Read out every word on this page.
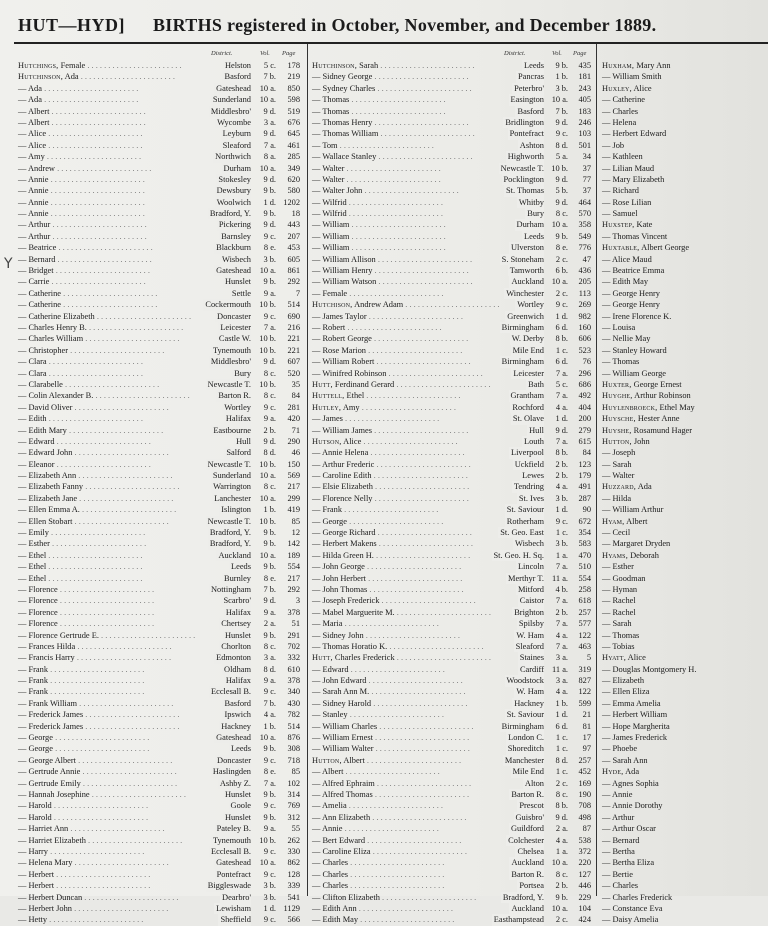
HUT—HYD] BIRTHS registered in October, November, and December 1889.
Y
District.	Vol. Page
Hutchings, Female . . . . . . . . . . . . . . . . . . . . . . .	Helston 5 c. 178
Hutchinson, Ada . . . . . . . . . . . . . . . . . . . . . . .	Basford 7 b. 219
— Ada . . . . . . . . . . . . . . . . . . . . . . .	Gateshead 10 a. 850
— Ada . . . . . . . . . . . . . . . . . . . . . . .	Sunderland 10 a. 598
— Albert . . . . . . . . . . . . . . . . . . . . . . .	Middlesbro' 9 d. 519
— Albert . . . . . . . . . . . . . . . . . . . . . . .	Wycombe 3 a. 676
— Alice . . . . . . . . . . . . . . . . . . . . . . .	Leyburn 9 d. 645
— Alice . . . . . . . . . . . . . . . . . . . . . . .	Sleaford 7 a. 461
— Amy . . . . . . . . . . . . . . . . . . . . . . .	Northwich 8 a. 285
— Andrew . . . . . . . . . . . . . . . . . . . . . . .	Durham 10 a. 349
— Annie . . . . . . . . . . . . . . . . . . . . . . .	Stokesley 9 d. 620
— Annie . . . . . . . . . . . . . . . . . . . . . . .	Dewsbury 9 b. 580
— Annie . . . . . . . . . . . . . . . . . . . . . . .	Woolwich 1 d. 1202
— Annie . . . . . . . . . . . . . . . . . . . . . . .	Bradford, Y. 9 b. 18
— Arthur . . . . . . . . . . . . . . . . . . . . . . .	Pickering 9 d. 443
— Arthur . . . . . . . . . . . . . . . . . . . . . . .	Barnsley 9 c. 207
— Beatrice . . . . . . . . . . . . . . . . . . . . . . .	Blackburn 8 e. 453
— Bernard . . . . . . . . . . . . . . . . . . . . . . .	Wisbech 3 b. 605
— Bridget . . . . . . . . . . . . . . . . . . . . . . .	Gateshead 10 a. 861
— Carrie . . . . . . . . . . . . . . . . . . . . . . .	Hunslet 9 b. 292
— Catherine . . . . . . . . . . . . . . . . . . . . . . .	Settle 9 a. 7
— Catherine . . . . . . . . . . . . . . . . . . . . . . .	Cockermouth 10 b. 514
— Catherine Elizabeth . . . . . . . . . . . . . . . . . . . . . . .	Doncaster 9 c. 690
— Charles Henry B. . . . . . . . . . . . . . . . . . . . . . . .	Leicester 7 a. 216
— Charles William . . . . . . . . . . . . . . . . . . . . . . .	Castle W. 10 b. 221
— Christopher . . . . . . . . . . . . . . . . . . . . . . .	Tynemouth 10 b. 221
— Clara . . . . . . . . . . . . . . . . . . . . . . .	Middlesbro' 9 d. 607
— Clara . . . . . . . . . . . . . . . . . . . . . . .	Bury 8 c. 520
— Clarabelle . . . . . . . . . . . . . . . . . . . . . . .	Newcastle T. 10 b. 35
— Colin Alexander B. . . . . . . . . . . . . . . . . . . . . . . .	Barton R. 8 c. 84
— David Oliver . . . . . . . . . . . . . . . . . . . . . . .	Wortley 9 c. 281
— Edith . . . . . . . . . . . . . . . . . . . . . . .	Halifax 9 a. 420
— Edith Mary . . . . . . . . . . . . . . . . . . . . . . .	Eastbourne 2 b. 71
— Edward . . . . . . . . . . . . . . . . . . . . . . .	Hull 9 d. 290
— Edward John . . . . . . . . . . . . . . . . . . . . . . .	Salford 8 d. 46
— Eleanor . . . . . . . . . . . . . . . . . . . . . . .	Newcastle T. 10 b. 150
— Elizabeth Ann . . . . . . . . . . . . . . . . . . . . . . .	Sunderland 10 a. 569
— Elizabeth Fanny . . . . . . . . . . . . . . . . . . . . . . .	Warrington 8 c. 217
— Elizabeth Jane . . . . . . . . . . . . . . . . . . . . . . .	Lanchester 10 a. 299
— Ellen Emma A. . . . . . . . . . . . . . . . . . . . . . . .	Islington 1 b. 419
— Ellen Stobart . . . . . . . . . . . . . . . . . . . . . . .	Newcastle T. 10 b. 85
— Emily . . . . . . . . . . . . . . . . . . . . . . .	Bradford, Y. 9 b. 12
— Esther . . . . . . . . . . . . . . . . . . . . . . .	Bradford, Y. 9 b. 142
— Ethel . . . . . . . . . . . . . . . . . . . . . . .	Auckland 10 a. 189
— Ethel . . . . . . . . . . . . . . . . . . . . . . .	Leeds 9 b. 554
— Ethel . . . . . . . . . . . . . . . . . . . . . . .	Burnley 8 e. 217
— Florence . . . . . . . . . . . . . . . . . . . . . . .	Nottingham 7 b. 292
— Florence . . . . . . . . . . . . . . . . . . . . . . .	Scarbro' 9 d. 3
— Florence . . . . . . . . . . . . . . . . . . . . . . .	Halifax 9 a. 378
— Florence . . . . . . . . . . . . . . . . . . . . . . .	Chertsey 2 a. 51
— Florence Gertrude E. . . . . . . . . . . . . . . . . . . . . . . .	Hunslet 9 b. 291
— Frances Hilda . . . . . . . . . . . . . . . . . . . . . . .	Chorlton 8 c. 702
— Francis Harry . . . . . . . . . . . . . . . . . . . . . . .	Edmonton 3 a. 332
— Frank . . . . . . . . . . . . . . . . . . . . . . .	Oldham 8 d. 610
— Frank . . . . . . . . . . . . . . . . . . . . . . .	Halifax 9 a. 378
— Frank . . . . . . . . . . . . . . . . . . . . . . .	Ecclesall B. 9 c. 340
— Frank William . . . . . . . . . . . . . . . . . . . . . . .	Basford 7 b. 430
— Frederick James . . . . . . . . . . . . . . . . . . . . . . .	Ipswich 4 a. 782
— Frederick James . . . . . . . . . . . . . . . . . . . . . . .	Hackney 1 b. 514
— George . . . . . . . . . . . . . . . . . . . . . . .	Gateshead 10 a. 876
— George . . . . . . . . . . . . . . . . . . . . . . .	Leeds 9 b. 308
— George Albert . . . . . . . . . . . . . . . . . . . . . . .	Doncaster 9 c. 718
— Gertrude Annie . . . . . . . . . . . . . . . . . . . . . . .	Haslingden 8 e. 85
— Gertrude Emily . . . . . . . . . . . . . . . . . . . . . . .	Ashby Z. 7 a. 102
— Hannah Josephine . . . . . . . . . . . . . . . . . . . . . . .	Hunslet 9 b. 314
— Harold . . . . . . . . . . . . . . . . . . . . . . .	Goole 9 c. 769
— Harold . . . . . . . . . . . . . . . . . . . . . . .	Hunslet 9 b. 312
— Harriet Ann . . . . . . . . . . . . . . . . . . . . . . .	Pateley B. 9 a. 55
— Harriet Elizabeth . . . . . . . . . . . . . . . . . . . . . . .	Tynemouth 10 b. 262
— Harry . . . . . . . . . . . . . . . . . . . . . . .	Ecclesall B. 9 c. 330
— Helena Mary . . . . . . . . . . . . . . . . . . . . . . .	Gateshead 10 a. 862
— Herbert . . . . . . . . . . . . . . . . . . . . . . .	Pontefract 9 c. 128
— Herbert . . . . . . . . . . . . . . . . . . . . . . .	Biggleswade 3 b. 339
— Herbert Duncan . . . . . . . . . . . . . . . . . . . . . . .	Dearbro' 3 b. 541
— Herbert John . . . . . . . . . . . . . . . . . . . . . . .	Lewisham 1 d. 1129
— Hetty . . . . . . . . . . . . . . . . . . . . . . .	Sheffield 9 c. 566
District.	Vol. Page
Hutchinson, Sarah . . . . . . . . . . . . . . . . . . . . . . .	Leeds 9 b. 435
— Sidney George . . . . . . . . . . . . . . . . . . . . . . .	Pancras 1 b. 181
— Sydney Charles . . . . . . . . . . . . . . . . . . . . . . .	Peterbro' 3 b. 243
— Thomas . . . . . . . . . . . . . . . . . . . . . . .	Easington 10 a. 405
— Thomas . . . . . . . . . . . . . . . . . . . . . . .	Basford 7 b. 183
— Thomas Henry . . . . . . . . . . . . . . . . . . . . . . .	Bridlington 9 d. 246
— Thomas William . . . . . . . . . . . . . . . . . . . . . . .	Pontefract 9 c. 103
— Tom . . . . . . . . . . . . . . . . . . . . . . .	Ashton 8 d. 501
— Wallace Stanley . . . . . . . . . . . . . . . . . . . . . . .	Highworth 5 a. 34
— Walter . . . . . . . . . . . . . . . . . . . . . . .	Newcastle T. 10 b. 37
— Walter . . . . . . . . . . . . . . . . . . . . . . .	Pocklington 9 d. 77
— Walter John . . . . . . . . . . . . . . . . . . . . . . .	St. Thomas 5 b. 37
— Wilfrid . . . . . . . . . . . . . . . . . . . . . . .	Whitby 9 d. 464
— Wilfrid . . . . . . . . . . . . . . . . . . . . . . .	Bury 8 c. 570
— William . . . . . . . . . . . . . . . . . . . . . . .	Durham 10 a. 358
— William . . . . . . . . . . . . . . . . . . . . . . .	Leeds 9 b. 549
— William . . . . . . . . . . . . . . . . . . . . . . .	Ulverston 8 e. 776
— William Allison . . . . . . . . . . . . . . . . . . . . . . .	S. Stoneham 2 c. 47
— William Henry . . . . . . . . . . . . . . . . . . . . . . .	Tamworth 6 b. 436
— William Watson . . . . . . . . . . . . . . . . . . . . . . .	Auckland 10 a. 205
— Female . . . . . . . . . . . . . . . . . . . . . . .	Winchester 2 c. 113
Hutchison, Andrew Adam . . . . . . . . . . . . . . . . . . . . . . . Wortley 9 c. 269
— James Taylor . . . . . . . . . . . . . . . . . . . . . . .	Greenwich 1 d. 982
— Robert . . . . . . . . . . . . . . . . . . . . . . .	Birmingham 6 d. 160
— Robert George . . . . . . . . . . . . . . . . . . . . . . .	W. Derby 8 b. 606
— Rose Marion . . . . . . . . . . . . . . . . . . . . . . .	Mile End 1 c. 523
— William Robert . . . . . . . . . . . . . . . . . . . . . . .	Birmingham 6 d. 76
— Winifred Robinson . . . . . . . . . . . . . . . . . . . . . . .	Leicester 7 a. 296
Hutt, Ferdinand Gerard . . . . . . . . . . . . . . . . . . . . . . .	Bath 5 c. 686
Huttell, Ethel . . . . . . . . . . . . . . . . . . . . . . .	Grantham 7 a. 492
Hutley, Amy . . . . . . . . . . . . . . . . . . . . . . .	Rochford 4 a. 404
— James . . . . . . . . . . . . . . . . . . . . . . .	St. Olave 1 d. 200
— William James . . . . . . . . . . . . . . . . . . . . . . .	Hull 9 d. 279
Hutson, Alice . . . . . . . . . . . . . . . . . . . . . . .	Louth 7 a. 615
— Annie Helena . . . . . . . . . . . . . . . . . . . . . . .	Liverpool 8 b. 84
— Arthur Frederic . . . . . . . . . . . . . . . . . . . . . . .	Uckfield 2 b. 123
— Caroline Edith . . . . . . . . . . . . . . . . . . . . . . .	Lewes 2 b. 179
— Elsie Elizabeth . . . . . . . . . . . . . . . . . . . . . . .	Tendring 4 a. 491
— Florence Nelly . . . . . . . . . . . . . . . . . . . . . . .	St. Ives 3 b. 287
— Frank . . . . . . . . . . . . . . . . . . . . . . .	St. Saviour 1 d. 90
— George . . . . . . . . . . . . . . . . . . . . . . .	Rotherham 9 c. 672
— George Richard . . . . . . . . . . . . . . . . . . . . . . .	St. Geo. East 1 c. 354
— Herbert Makens . . . . . . . . . . . . . . . . . . . . . . .	Wisbech 3 b. 583
— Hilda Green H. . . . . . . . . . . . . . . . . . . . . . . .	St. Geo. H. Sq. 1 a. 470
— John George . . . . . . . . . . . . . . . . . . . . . . .	Lincoln 7 a. 510
— John Herbert . . . . . . . . . . . . . . . . . . . . . . .	Merthyr T. 11 a. 554
— John Thomas . . . . . . . . . . . . . . . . . . . . . . .	Mitford 4 b. 258
— Joseph Frederick . . . . . . . . . . . . . . . . . . . . . . .	Caistor 7 a. 618
— Mabel Marguerite M. . . . . . . . . . . . . . . . . . . . . . . .	Brighton 2 b. 257
— Maria . . . . . . . . . . . . . . . . . . . . . . .	Spilsby 7 a. 577
— Sidney John . . . . . . . . . . . . . . . . . . . . . . .	W. Ham 4 a. 122
— Thomas Horatio K. . . . . . . . . . . . . . . . . . . . . . . .	Sleaford 7 a. 463
Hutt, Charles Frederick . . . . . . . . . . . . . . . . . . . . . . .	Staines 3 a. 5
— Edward . . . . . . . . . . . . . . . . . . . . . . .	Cardiff 11 a. 319
— John Edward . . . . . . . . . . . . . . . . . . . . . . .	Woodstock 3 a. 827
— Sarah Ann M. . . . . . . . . . . . . . . . . . . . . . . .	W. Ham 4 a. 122
— Sidney Harold . . . . . . . . . . . . . . . . . . . . . . .	Hackney 1 b. 599
— Stanley . . . . . . . . . . . . . . . . . . . . . . .	St. Saviour 1 d. 21
— William Charles . . . . . . . . . . . . . . . . . . . . . . .	Birmingham 6 d. 81
— William Ernest . . . . . . . . . . . . . . . . . . . . . . .	London C. 1 c. 17
— William Walter . . . . . . . . . . . . . . . . . . . . . . .	Shoreditch 1 c. 97
Hutton, Albert . . . . . . . . . . . . . . . . . . . . . . .	Manchester 8 d. 257
— Albert . . . . . . . . . . . . . . . . . . . . . . .	Mile End 1 c. 452
— Alfred Ephraim . . . . . . . . . . . . . . . . . . . . . . .	Alton 2 c. 169
— Alfred Thomas . . . . . . . . . . . . . . . . . . . . . . .	Barton R. 8 c. 190
— Amelia . . . . . . . . . . . . . . . . . . . . . . .	Prescot 8 b. 708
— Ann Elizabeth . . . . . . . . . . . . . . . . . . . . . . .	Guisbro' 9 d. 498
— Annie . . . . . . . . . . . . . . . . . . . . . . .	Guildford 2 a. 87
— Bert Edward . . . . . . . . . . . . . . . . . . . . . . .	Colchester 4 a. 538
— Caroline Eliza . . . . . . . . . . . . . . . . . . . . . . .	Chelsea 1 a. 372
— Charles . . . . . . . . . . . . . . . . . . . . . . .	Auckland 10 a. 220
— Charles . . . . . . . . . . . . . . . . . . . . . . .	Barton R. 8 c. 127
— Charles . . . . . . . . . . . . . . . . . . . . . . .	Portsea 2 b. 446
— Clifton Elizabeth . . . . . . . . . . . . . . . . . . . . . . .	Bradford, Y. 9 b. 229
— Edith Ann . . . . . . . . . . . . . . . . . . . . . . .	Auckland 10 a. 104
— Edith May . . . . . . . . . . . . . . . . . . . . . . .	Easthampstead 2 c. 424
Huxham, Mary Ann
— William Smith
Huxley, Alice
— Catherine
— Charles
— Helena
— Herbert Edward
— Job
— Kathleen
— Lilian Maud
— Mary Elizabeth
— Richard
— Rose Lilian
— Samuel
Huxstep, Kate
— Thomas Vincent
Huxtable, Albert George
— Alice Maud
— Beatrice Emma
— Edith May
— George Henry
— George Henry
— Irene Florence K.
— Louisa
— Nellie May
— Stanley Howard
— Thomas
— William George
Huxter, George Ernest
Huyghe, Arthur Robinson
Huylenbroeck, Ethel May
Huysche, Hester Anne
Huyshe, Rosamund Hager
Hutton, John
— Joseph
— Sarah
— Walter
Huzzard, Ada
— Hilda
— William Arthur
Hyam, Albert
— Cecil
— Margaret Dryden
Hyams, Deborah
— Esther
— Goodman
— Hyman
— Rachel
— Rachel
— Sarah
— Thomas
— Tobias
Hyatt, Alice
— Douglas Montgomery H.
— Elizabeth
— Ellen Eliza
— Emma Amelia
— Herbert William
— Hope Margherita
— James Frederick
— Phoebe
— Sarah Ann
Hyde, Ada
— Agnes Sophia
— Annie
— Annie Dorothy
— Arthur
— Arthur Oscar
— Bernard
— Bertha
— Bertha Eliza
— Bertie
— Charles
— Charles Frederick
— Constance Eva
— Daisy Amelia
